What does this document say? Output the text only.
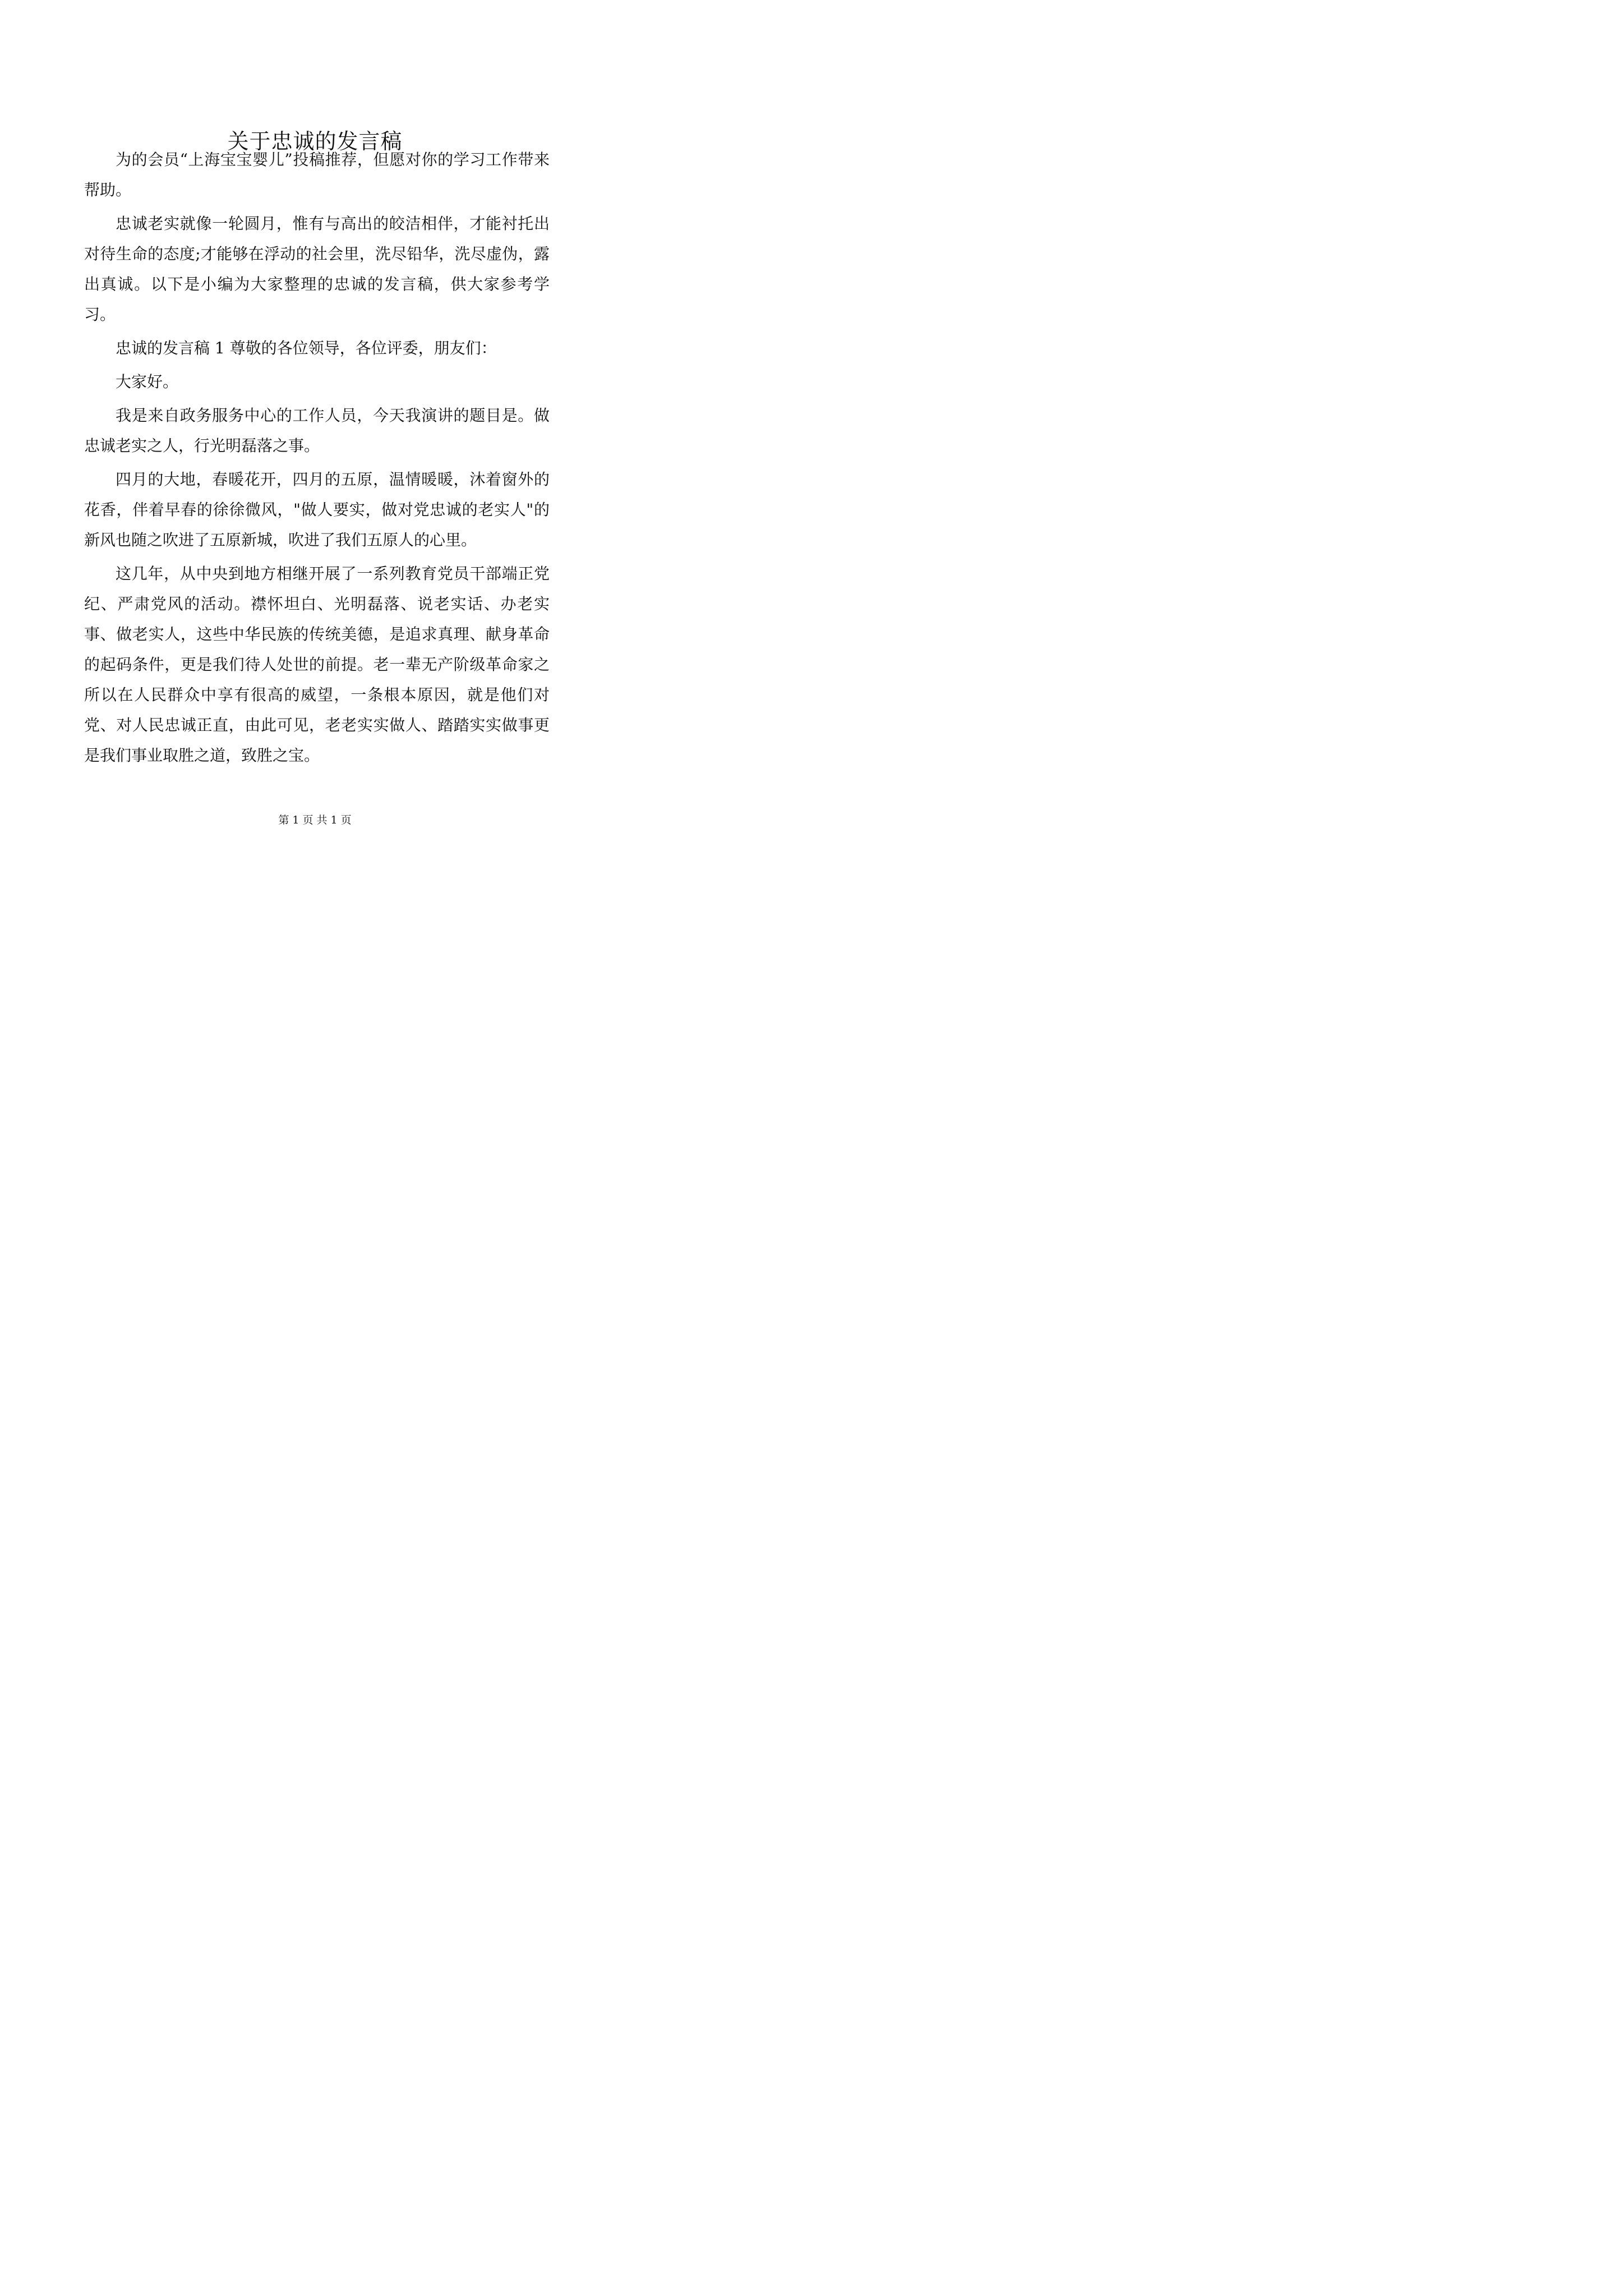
关于忠诚的发言稿

为的会员“上海宝宝婴儿”投稿推荐，但愿对你的学习工作带来帮助。

忠诚老实就像一轮圆月，惟有与高出的皎洁相伴，才能衬托出对待生命的态度;才能够在浮动的社会里，洗尽铅华，洗尽虚伪，露出真诚。以下是小编为大家整理的忠诚的发言稿，供大家参考学习。

忠诚的发言稿 1 尊敬的各位领导，各位评委，朋友们：

大家好。

我是来自政务服务中心的工作人员，今天我演讲的题目是。做忠诚老实之人，行光明磊落之事。

四月的大地，春暖花开，四月的五原，温情暖暖，沐着窗外的花香，伴着早春的徐徐微风，"做人要实，做对党忠诚的老实人"的新风也随之吹进了五原新城，吹进了我们五原人的心里。

这几年，从中央到地方相继开展了一系列教育党员干部端正党纪、严肃党风的活动。襟怀坦白、光明磊落、说老实话、办老实事、做老实人，这些中华民族的传统美德，是追求真理、献身革命的起码条件，更是我们待人处世的前提。老一辈无产阶级革命家之所以在人民群众中享有很高的威望，一条根本原因，就是他们对党、对人民忠诚正直，由此可见，老老实实做人、踏踏实实做事更是我们事业取胜之道，致胜之宝。

第 1 页 共 1 页
